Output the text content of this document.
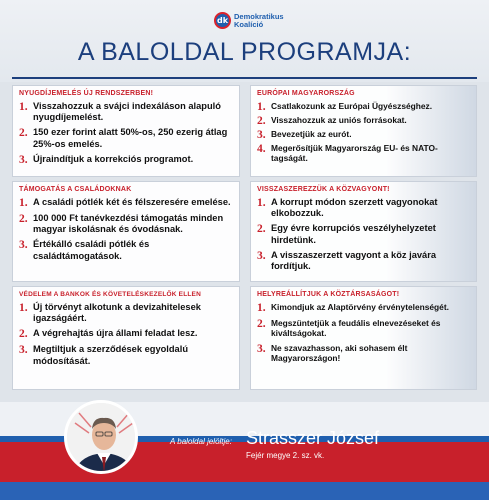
dk Demokratikus
Koalíció
A BALOLDAL PROGRAMJA:
NYUGDÍJEMELÉS ÚJ RENDSZERBEN!
1. Visszahozzuk a svájci indexáláson alapuló nyugdíjemelést.
2. 150 ezer forint alatt 50%-os, 250 ezerig átlag 25%-os emelés.
3. Újraindítjuk a korrekciós programot.
EURÓPAI MAGYARORSZÁG
1. Csatlakozunk az Európai Ügyészséghez.
2. Visszahozzuk az uniós forrásokat.
3. Bevezetjük az eurót.
4. Megerősítjük Magyarország EU- és NATO-tagságát.
TÁMOGATÁS A CSALÁDOKNAK
1. A családi pótlék két és félszeresére emelése.
2. 100 000 Ft tanévkezdési támogatás minden magyar iskolásnak és óvodásnak.
3. Értékálló családi pótlék és családtámogatások.
VISSZASZEREZZÜK A KÖZVAGYONT!
1. A korrupt módon szerzett vagyonokat elkobozzuk.
2. Egy évre korrupciós veszélyhelyzetet hirdetünk.
3. A visszaszerzett vagyont a köz javára fordítjuk.
VÉDELEM A BANKOK ÉS KÖVETELÉSKEZELŐK ELLEN
1. Új törvényt alkotunk a devizahitelesek igazságáért.
2. A végrehajtás újra állami feladat lesz.
3. Megtiltjuk a szerződések egyoldalú módosítását.
HELYREÁLLÍTJUK A KÖZTÁRSASÁGOT!
1. Kimondjuk az Alaptörvény érvénytelenségét.
2. Megszüntetjük a feudális elnevezéseket és kiváltságokat.
3. Ne szavazhasson, aki sohasem élt Magyarországon!
A baloldal jelöltje: Strasszer József
Fejér megye 2. sz. vk.
